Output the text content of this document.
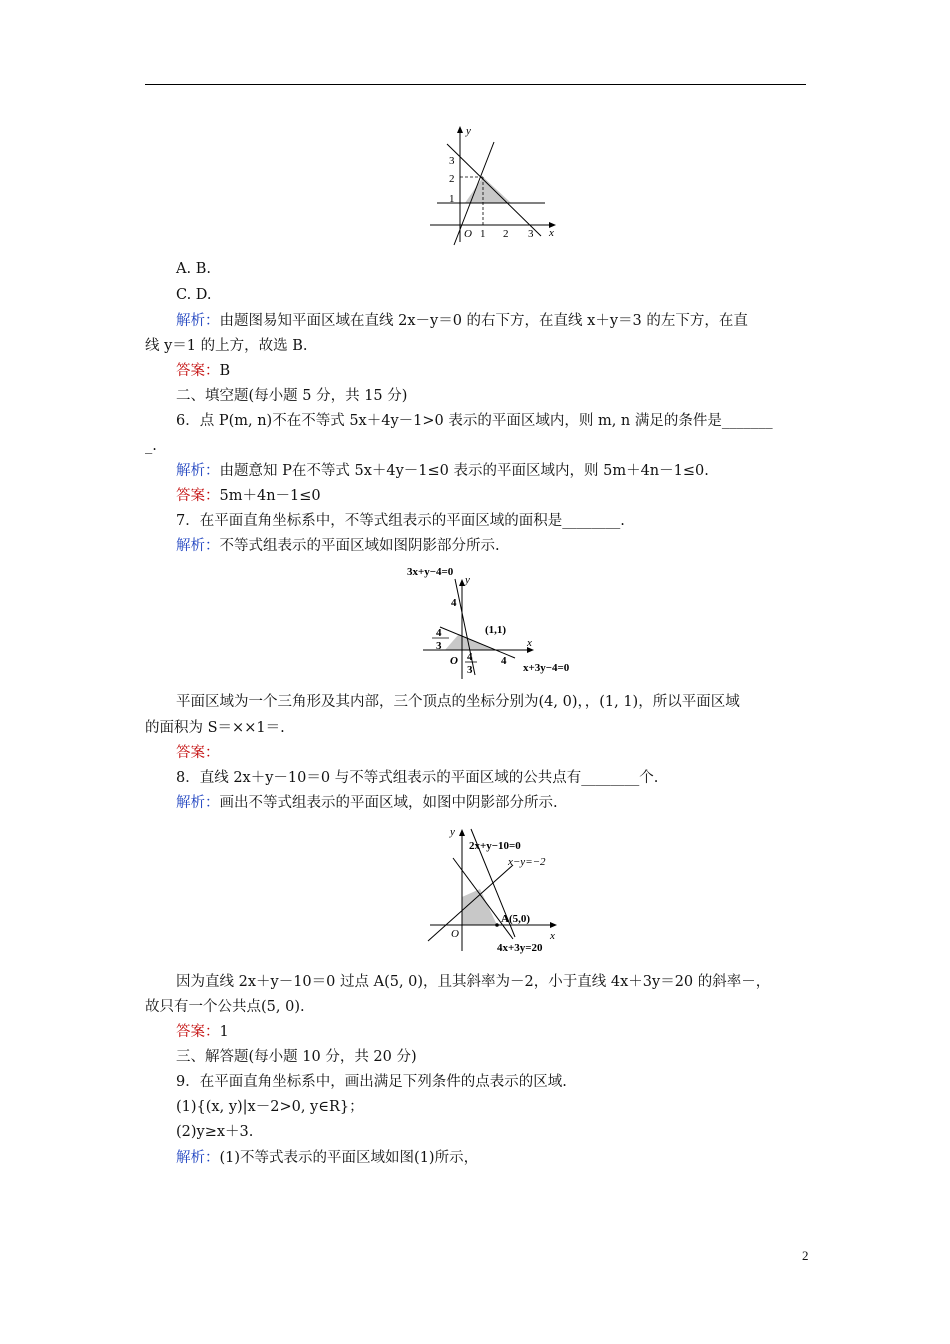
y
x
3
2
1
O 1 2 3
A. B.
C. D.
解析：由题图易知平面区域在直线 2x－y＝0 的右下方，在直线 x＋y＝3 的左下方，在直
线 y＝1 的上方，故选 B.
答案：B
二、填空题(每小题 5 分，共 15 分)
6．点 P(m, n)不在不等式 5x＋4y－1>0 表示的平面区域内，则 m, n 满足的条件是_______
_.
解析：由题意知 P在不等式 5x＋4y－1≤0 表示的平面区域内，则 5m＋4n－1≤0.
答案：5m＋4n－1≤0
7．在平面直角坐标系中，不等式组表示的平面区域的面积是________.
解析：不等式组表示的平面区域如图阴影部分所示.
3x+y−4=0
y
4
(1,1)
x
4
3
O 4
3
4
x+3y−4=0
平面区域为一个三角形及其内部，三个顶点的坐标分别为(4, 0)，，(1, 1)，所以平面区域
的面积为 S＝××1＝.
答案：
8．直线 2x＋y－10＝0 与不等式组表示的平面区域的公共点有________个.
解析：画出不等式组表示的平面区域，如图中阴影部分所示.
y
2x+y−10=0
x−y=−2
A(5,0)
O
4x+3y=20
x
因为直线 2x＋y－10＝0 过点 A(5, 0)，且其斜率为－2，小于直线 4x＋3y＝20 的斜率－，
故只有一个公共点(5, 0).
答案：1
三、解答题(每小题 10 分，共 20 分)
9．在平面直角坐标系中，画出满足下列条件的点表示的区域.
(1){(x, y)|x－2>0, y∈R}；
(2)y≥x＋3.
解析：(1)不等式表示的平面区域如图(1)所示，
2
